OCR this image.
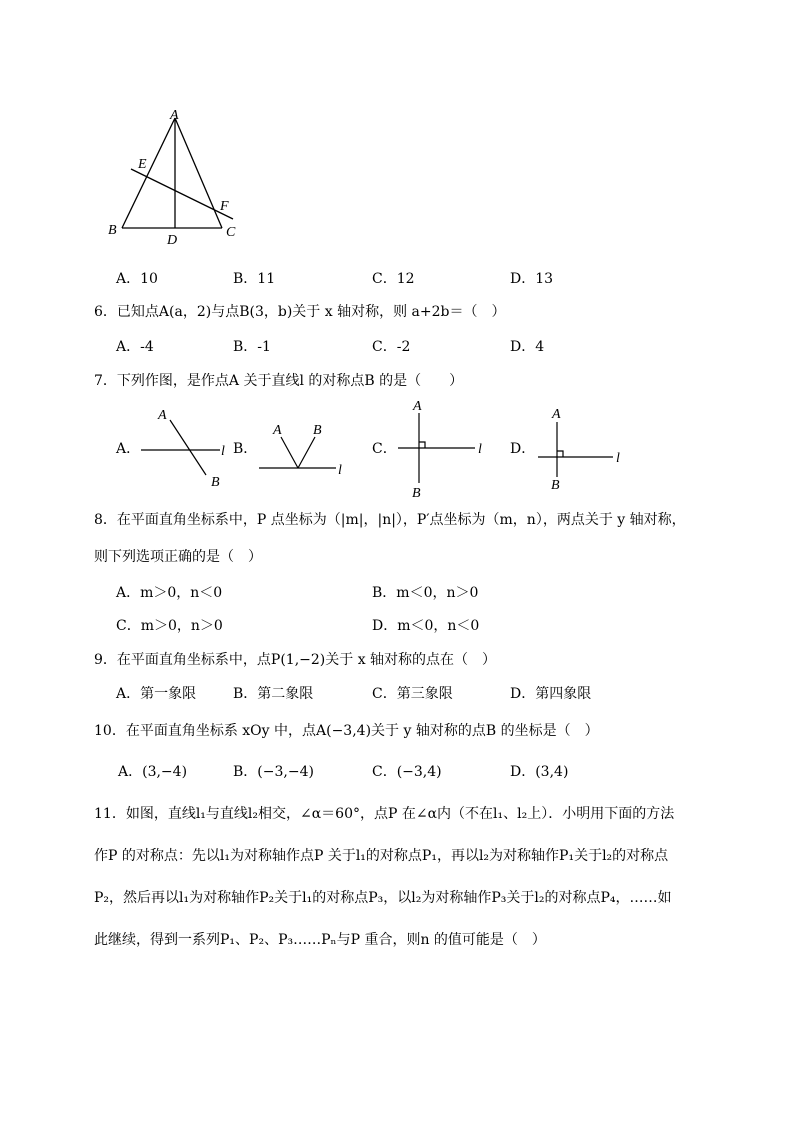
A
E
F
B
D
C
A．10	B．11	C．12	D．13
6．已知点A(a，2)与点B(3，b)关于 x 轴对称，则 a+2b＝（　）
A．-4	B．-1	C．-2	D．4
7．下列作图，是作点A 关于直线l 的对称点B 的是（　　）
A．	B．	C．	D．
A
l
B
A B
l
A
l
B
A
l
B
8．在平面直角坐标系中，P 点坐标为（|m|，|n|），P′点坐标为（m，n），两点关于 y 轴对称，
则下列选项正确的是（　）
A．m＞0，n＜0	B．m＜0，n＞0
C．m＞0，n＞0	D．m＜0，n＜0
9．在平面直角坐标系中，点P(1,−2)关于 x 轴对称的点在（　）
A．第一象限	B．第二象限	C．第三象限	D．第四象限
10．在平面直角坐标系 xOy 中，点A(−3,4)关于 y 轴对称的点B 的坐标是（　）
A．(3,−4)	B．(−3,−4)	C．(−3,4)	D．(3,4)
11．如图，直线l₁与直线l₂相交，∠α＝60°，点P 在∠α内（不在l₁、l₂上）．小明用下面的方法
作P 的对称点：先以l₁为对称轴作点P 关于l₁的对称点P₁，再以l₂为对称轴作P₁关于l₂的对称点
P₂，然后再以l₁为对称轴作P₂关于l₁的对称点P₃，以l₂为对称轴作P₃关于l₂的对称点P₄，……如
此继续，得到一系列P₁、P₂、P₃……Pₙ与P 重合，则n 的值可能是（　）
